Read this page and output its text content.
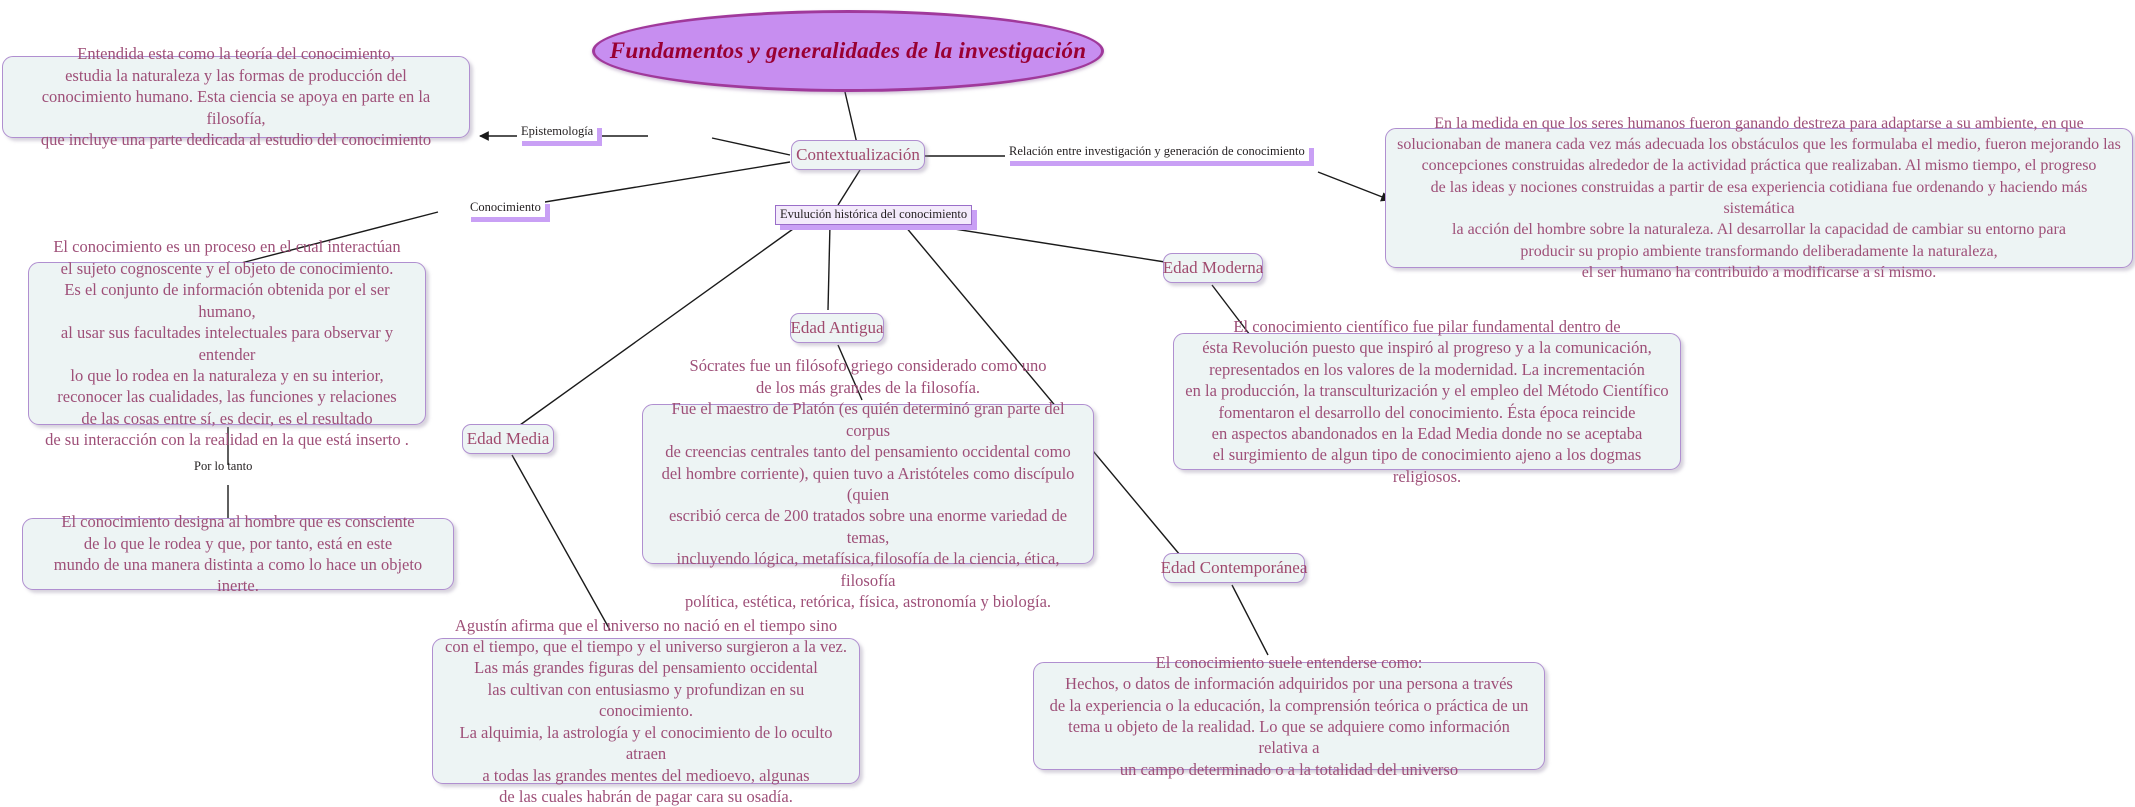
Fundamentos y generalidades de la investigación

Entendida esta como la teoría del conocimiento,
estudia la naturaleza y las formas de producción del
conocimiento humano. Esta ciencia se apoya en parte en la filosofía,
que incluye una parte dedicada al estudio del conocimiento	Epistemología
Contextualización	Relación entre investigación y generación de conocimiento

En la medida en que los seres humanos fueron ganando destreza para adaptarse a su ambiente, en que
solucionaban de manera cada vez más adecuada los obstáculos que les formulaba el medio, fueron mejorando las
concepciones construidas alrededor de la actividad práctica que realizaban. Al mismo tiempo, el progreso
de las ideas y nociones construidas a partir de esa experiencia cotidiana fue ordenando y haciendo más sistemática
la acción del hombre sobre la naturaleza. Al desarrollar la capacidad de cambiar su entorno para
producir su propio ambiente transformando deliberadamente la naturaleza,
el ser humano ha contribuido a modificarse a sí mismo.

Conocimiento	Evulución histórica del conocimiento
Edad Moderna

El conocimiento es un proceso en el cual interactúan
el sujeto cognoscente y el objeto de conocimiento.
Es el conjunto de información obtenida por el ser humano,
al usar sus facultades intelectuales para observar y entender
lo que lo rodea en la naturaleza y en su interior,
reconocer las cualidades, las funciones y relaciones
de las cosas entre sí, es decir, es el resultado
de su interacción con la realidad en la que está inserto .

Edad Antigua	El conocimiento científico fue pilar fundamental dentro de
ésta Revolución puesto que inspiró al progreso y a la comunicación,
representados en los valores de la modernidad. La incrementación
en la producción, la transculturización y el empleo del Método Científico
fomentaron el desarrollo del conocimiento. Ésta época reincide
en aspectos abandonados en la Edad Media donde no se aceptaba
el surgimiento de algun tipo de conocimiento ajeno a los dogmas religiosos.

Edad Media

Sócrates fue un filósofo griego considerado como uno
de los más grandes de la filosofía.
Fue el maestro de Platón (es quién determinó gran parte del corpus
de creencias centrales tanto del pensamiento occidental como
del hombre corriente), quien tuvo a Aristóteles como discípulo (quien
escribió cerca de 200 tratados sobre una enorme variedad de temas,
incluyendo lógica, metafísica,filosofía de la ciencia, ética, filosofía
política, estética, retórica, física, astronomía y biología.

Por lo tanto
Edad Contemporánea

El conocimiento designa al hombre que es consciente
de lo que le rodea y que, por tanto, está en este
mundo de una manera distinta a como lo hace un objeto inerte.

Agustín afirma que el universo no nació en el tiempo sino
con el tiempo, que el tiempo y el universo surgieron a la vez.
Las más grandes figuras del pensamiento occidental
las cultivan con entusiasmo y profundizan en su conocimiento.
La alquimia, la astrología y el conocimiento de lo oculto atraen
a todas las grandes mentes del medioevo, algunas
de las cuales habrán de pagar cara su osadía.

El conocimiento suele entenderse como:
Hechos, o datos de información adquiridos por una persona a través
de la experiencia o la educación, la comprensión teórica o práctica de un
tema u objeto de la realidad. Lo que se adquiere como información relativa a
un campo determinado o a la totalidad del universo
